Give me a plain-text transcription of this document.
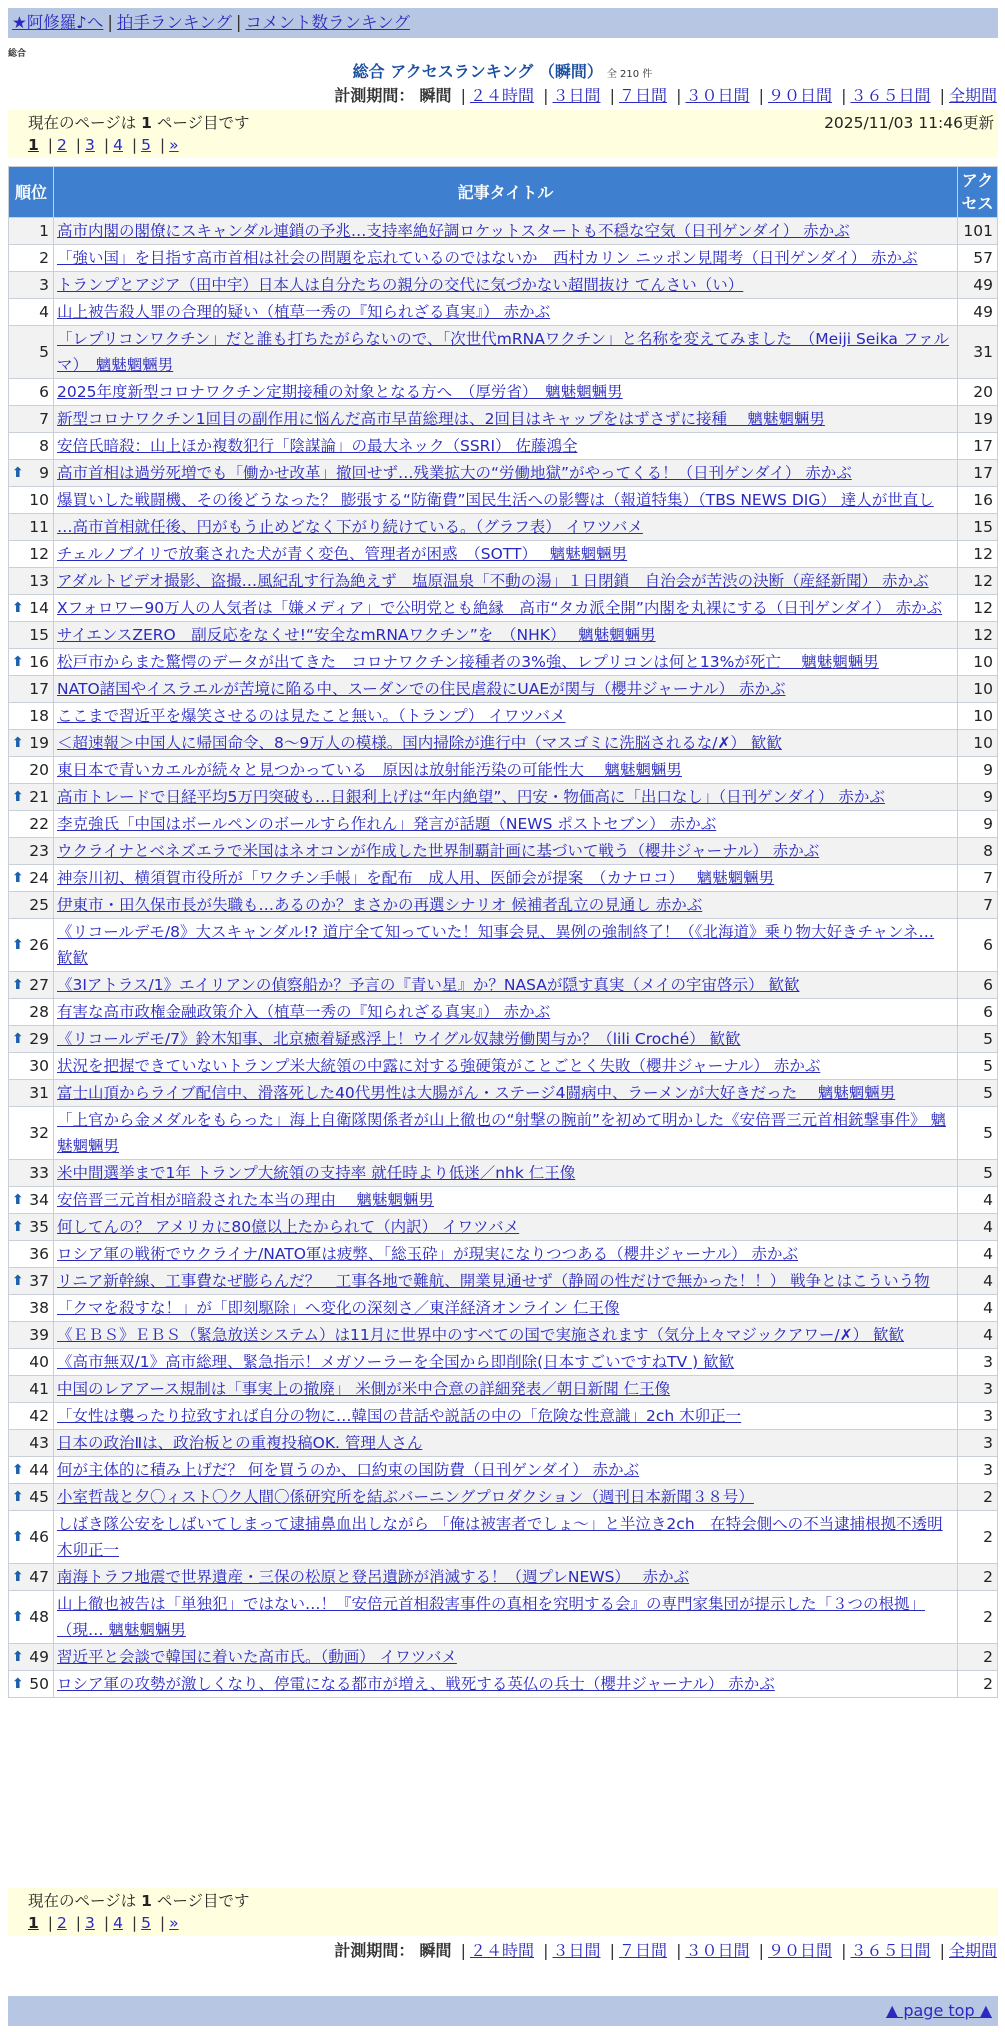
★阿修羅♪へ | 拍手ランキング | コメント数ランキング
総合
総合 アクセスランキング （瞬間） 全 210 件
計測期間： 瞬間 | ２４時間 | ３日間 | ７日間 | ３０日間 | ９０日間 | ３６５日間 | 全期間
現在のページは 1 ページ目です	2025/11/03 11:46更新
1 | 2 | 3 | 4 | 5 | »
順位	記事タイトル	アクセス
1	高市内閣の閣僚にスキャンダル連鎖の予兆…支持率絶好調ロケットスタートも不穏な空気（日刊ゲンダイ） 赤かぶ	101
2	「強い国」を目指す高市首相は社会の問題を忘れているのではないか　西村カリン ニッポン見聞考（日刊ゲンダイ） 赤かぶ	57
3	トランプとアジア（田中宇）日本人は自分たちの親分の交代に気づかない超間抜け てんさい（い）	49
4	山上被告殺人罪の合理的疑い（植草一秀の『知られざる真実』） 赤かぶ	49
5	「レプリコンワクチン」だと誰も打ちたがらないので、「次世代mRNAワクチン」と名称を変えてみました　（Meiji Seika ファルマ）　魑魅魍魎男	31
6	2025年度新型コロナワクチン定期接種の対象となる方へ　（厚労省）　魑魅魍魎男	20
7	新型コロナワクチン1回目の副作用に悩んだ高市早苗総理は、2回目はキャップをはずさずに接種　 魑魅魍魎男	19
8	安倍氏暗殺：山上ほか複数犯行「陰謀論」の最大ネック（SSRI） 佐藤鴻全	17

⬆ 9	高市首相は過労死増でも「働かせ改革」撤回せず…残業拡大の“労働地獄”がやってくる！（日刊ゲンダイ） 赤かぶ	17
10	爆買いした戦闘機、その後どうなった？ 膨張する“防衛費”国民生活への影響は（報道特集）（TBS NEWS DIG） 達人が世直し	16
11	…高市首相就任後、円がもう止めどなく下がり続けている。（グラフ表） イワツバメ	15
12	チェルノブイリで放棄された犬が青く変色、管理者が困惑　（SOTT）　 魑魅魍魎男	12
13	アダルトビデオ撮影、盗撮…風紀乱す行為絶えず　塩原温泉「不動の湯」１日閉鎖　自治会が苦渋の決断（産経新聞） 赤かぶ	12

⬆ 14	Xフォロワー90万人の人気者は「嫌メディア」で公明党とも絶縁　高市“タカ派全開”内閣を丸裸にする（日刊ゲンダイ） 赤かぶ	12
15	サイエンスZERO　副反応をなくせ!“安全なmRNAワクチン”を　（NHK）　 魑魅魍魎男	12

⬆ 16	松戸市からまた驚愕のデータが出てきた　コロナワクチン接種者の3%強、レプリコンは何と13%が死亡　 魑魅魍魎男	10
17	NATO諸国やイスラエルが苦境に陥る中、スーダンでの住民虐殺にUAEが関与（櫻井ジャーナル） 赤かぶ	10
18	ここまで習近平を爆笑させるのは見たこと無い。（トランプ） イワツバメ	10

⬆ 19	＜超速報＞中国人に帰国命令、8～9万人の模様。国内掃除が進行中（マスゴミに洗脳されるな/✗） 歓歓	10
20	東日本で青いカエルが続々と見つかっている　原因は放射能汚染の可能性大　 魑魅魍魎男	9

⬆ 21	高市トレードで日経平均5万円突破も…日銀利上げは“年内絶望”、円安・物価高に「出口なし」（日刊ゲンダイ） 赤かぶ	9
22	李克強氏「中国はボールペンのボールすら作れん」発言が話題（NEWS ポストセブン） 赤かぶ	9
23	ウクライナとベネズエラで米国はネオコンが作成した世界制覇計画に基づいて戦う（櫻井ジャーナル） 赤かぶ	8

⬆ 24	神奈川初、横須賀市役所が「ワクチン手帳」を配布　成人用、医師会が提案　（カナロコ）　 魑魅魍魎男	7
25	伊東市・田久保市長が失職も…あるのか？まさかの再選シナリオ 候補者乱立の見通し 赤かぶ	7

⬆ 26	《リコールデモ/8》大スキャンダル!? 道庁全て知っていた！知事会見、異例の強制終了！（《北海道》乗り物大好きチャンネ… 歓歓	6

⬆ 27	《3Iアトラス/1》エイリアンの偵察船か？予言の『青い星』か？NASAが隠す真実（メイの宇宙啓示） 歓歓	6
28	有害な高市政権金融政策介入（植草一秀の『知られざる真実』） 赤かぶ	6

⬆ 29	《リコールデモ/7》鈴木知事、北京癒着疑惑浮上！ウイグル奴隷労働関与か？（lili Croché） 歓歓	5
30	状況を把握できていないトランプ米大統領の中露に対する強硬策がことごとく失敗（櫻井ジャーナル） 赤かぶ	5
31	富士山頂からライブ配信中、滑落死した40代男性は大腸がん・ステージ4闘病中、ラーメンが大好きだった　 魑魅魍魎男	5
32	「上官から金メダルをもらった」海上自衛隊関係者が山上徹也の“射撃の腕前”を初めて明かした《安倍晋三元首相銃撃事件》 魑魅魍魎男	5
33	米中間選挙まで1年 トランプ大統領の支持率 就任時より低迷／nhk 仁王像	5

⬆ 34	安倍晋三元首相が暗殺された本当の理由　 魑魅魍魎男	4

⬆ 35	何してんの？ アメリカに80億以上たかられて（内訳） イワツバメ	4
36	ロシア軍の戦術でウクライナ/NATO軍は疲弊、「総玉砕」が現実になりつつある（櫻井ジャーナル） 赤かぶ	4

⬆ 37	リニア新幹線、工事費なぜ膨らんだ？　工事各地で難航、開業見通せず（静岡の性だけで無かった！！） 戦争とはこういう物	4
38	「クマを殺すな！」が「即刻駆除」へ変化の深刻さ／東洋経済オンライン 仁王像	4
39	《ＥＢＳ》ＥＢＳ（緊急放送システム）は11月に世界中のすべての国で実施されます（気分上々マジックアワー/✗） 歓歓	4
40	《高市無双/1》高市総理、緊急指示！メガソーラーを全国から即削除(日本すごいですねTV ) 歓歓	3
41	中国のレアアース規制は「事実上の撤廃」 米側が米中合意の詳細発表／朝日新聞 仁王像	3
42	「女性は襲ったり拉致すれば自分の物に…韓国の昔話や説話の中の「危険な性意識」2ch 木卯正一	3
43	日本の政治Ⅱは、政治板との重複投稿OK. 管理人さん	3

⬆ 44	何が主体的に積み上げだ？ 何を買うのか、口約束の国防費（日刊ゲンダイ） 赤かぶ	3

⬆ 45	小室哲哉と夕〇ィスト〇ク人間〇係研究所を結ぶバーニングプロダクション（週刊日本新聞３８号）	2

⬆ 46	しばき隊公安をしばいてしまって逮捕鼻血出しながら 「俺は被害者でしょ～」と半泣き2ch　在特会側への不当逮捕根拠不透明 木卯正一	2

⬆ 47	南海トラフ地震で世界遺産・三保の松原と登呂遺跡が消滅する！（週プレNEWS）　 赤かぶ	2

⬆ 48	山上徹也被告は「単独犯」ではない…！『安倍元首相殺害事件の真相を究明する会』の専門家集団が提示した「３つの根拠」（現… 魑魅魍魎男	2

⬆ 49	習近平と会談で韓国に着いた高市氏。（動画） イワツバメ	2

⬆ 50	ロシア軍の攻勢が激しくなり、停電になる都市が増え、戦死する英仏の兵士（櫻井ジャーナル） 赤かぶ	2
現在のページは 1 ページ目です
1 | 2 | 3 | 4 | 5 | »
計測期間： 瞬間 | ２４時間 | ３日間 | ７日間 | ３０日間 | ９０日間 | ３６５日間 | 全期間
▲ page top ▲
